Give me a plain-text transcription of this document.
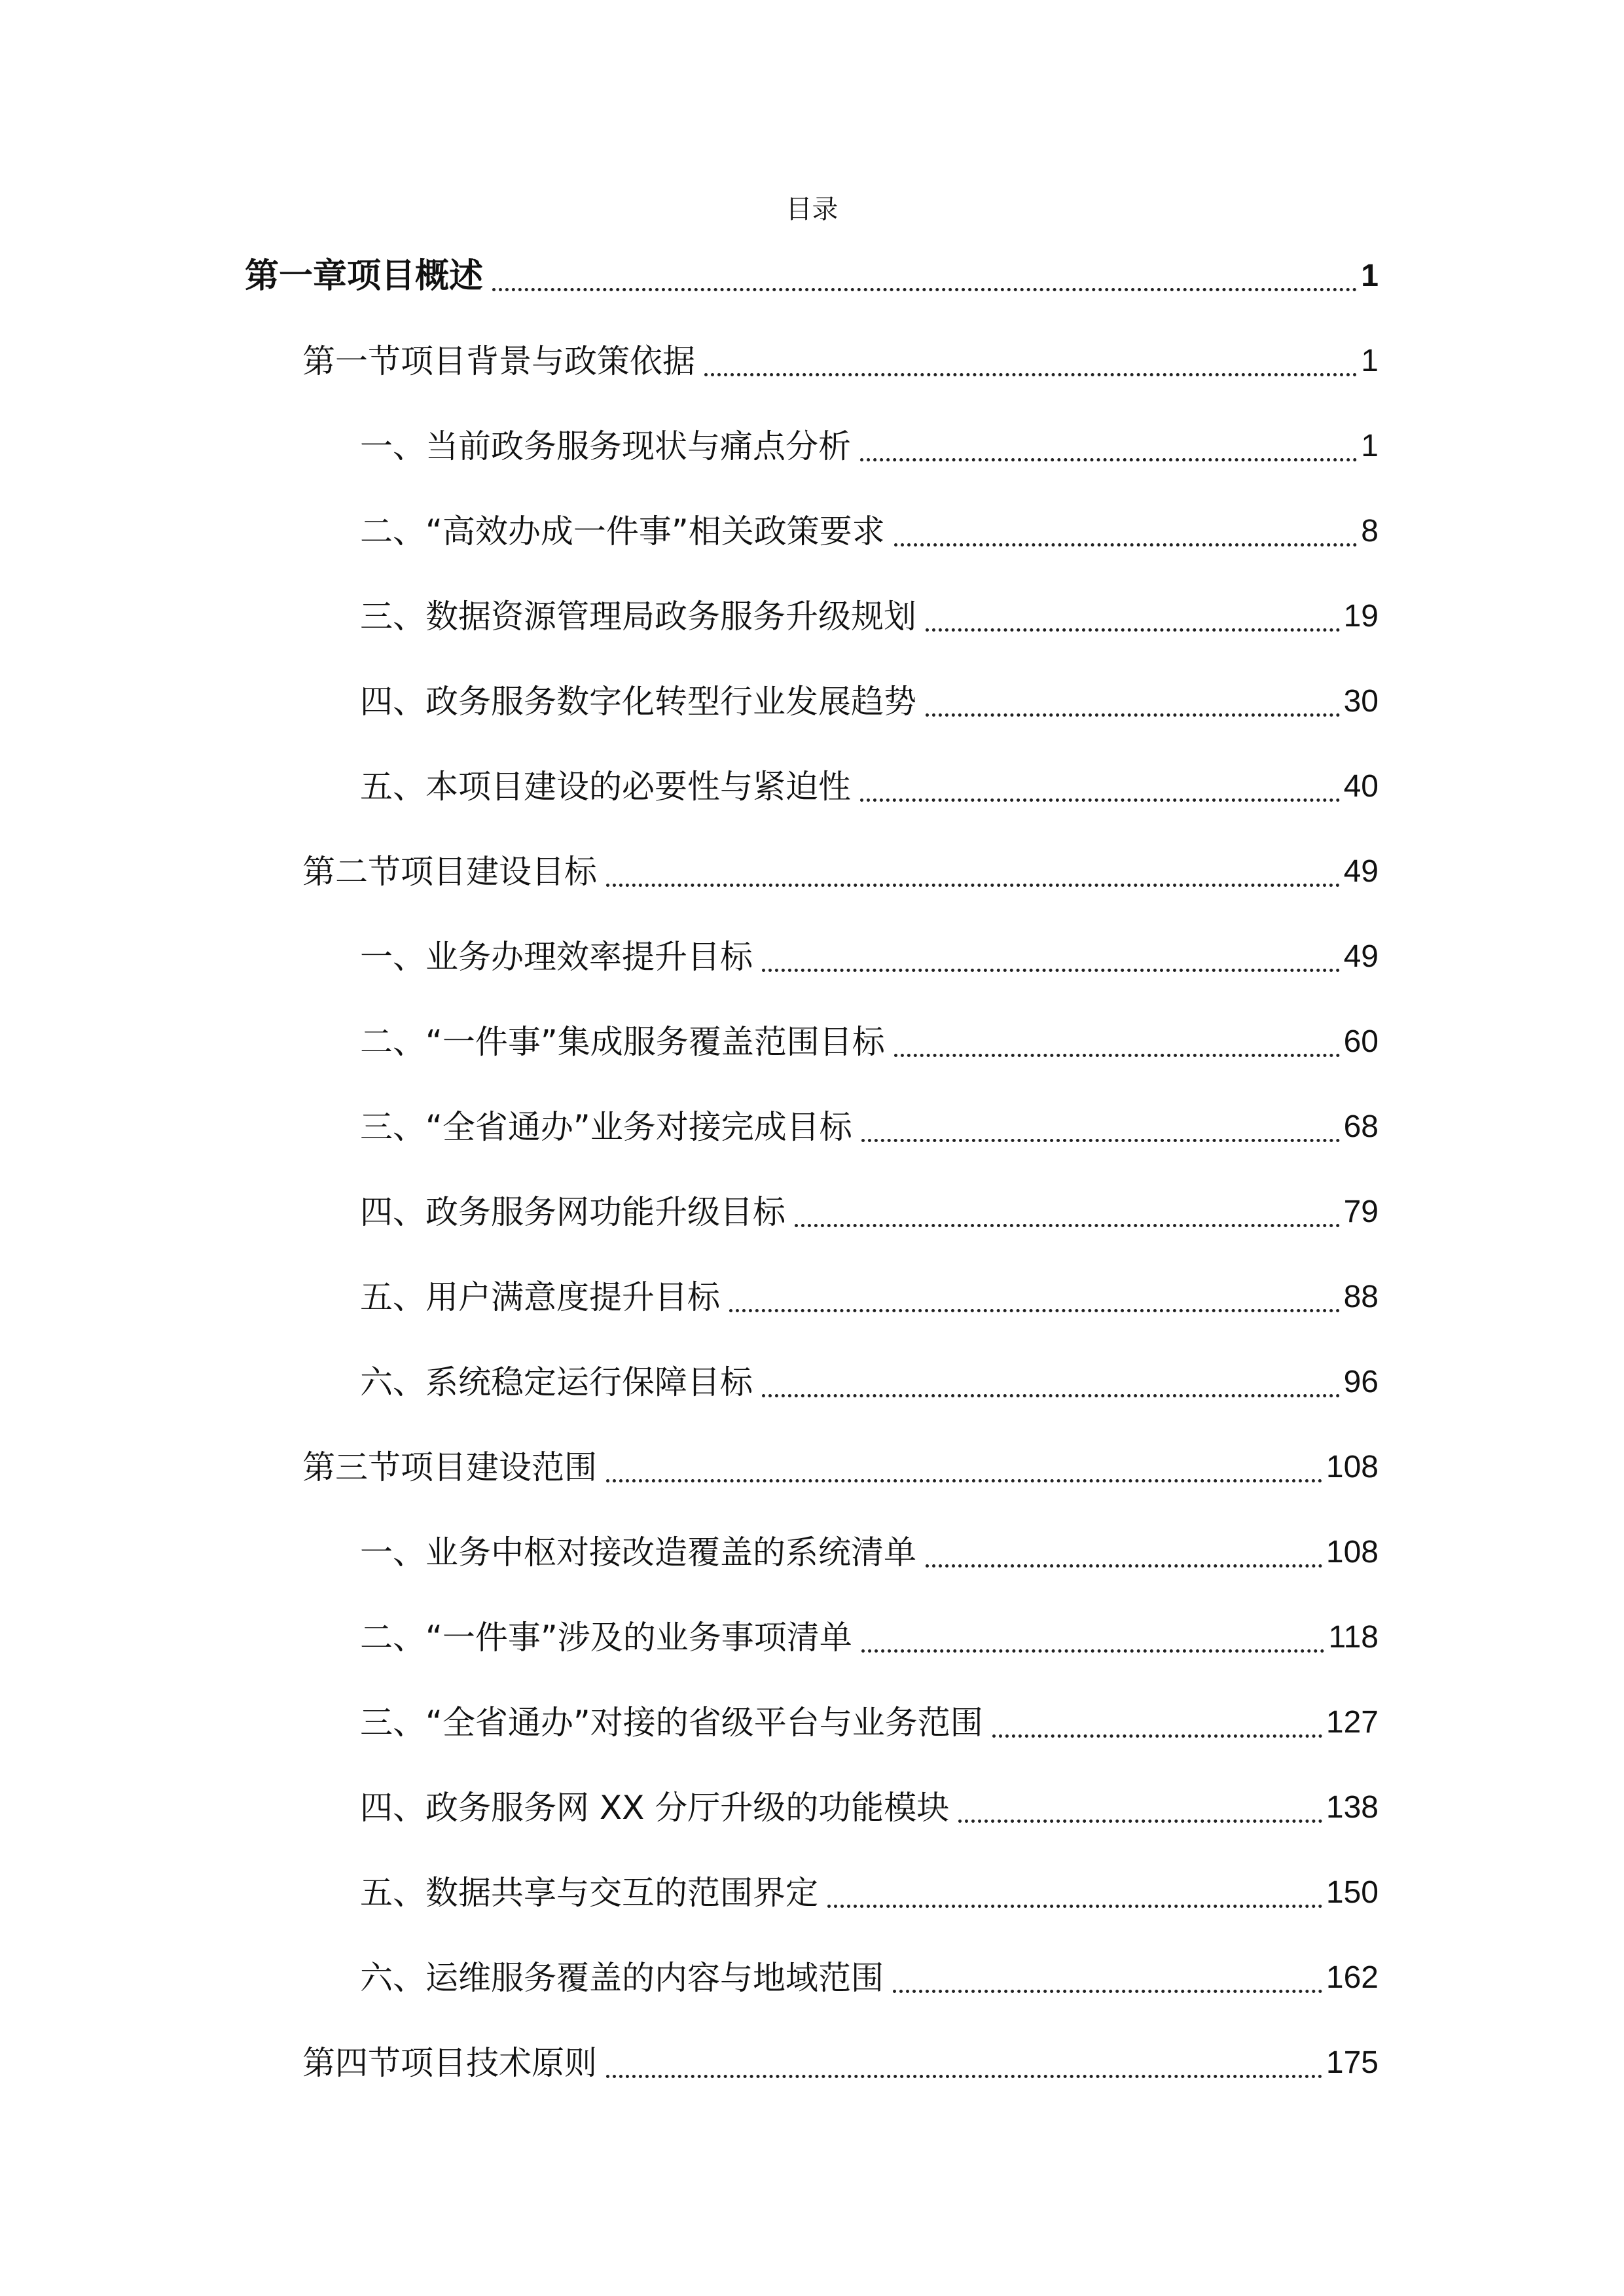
目录
第一章项目概述	1
第一节项目背景与政策依据	1
一、当前政务服务现状与痛点分析	1
二、“高效办成一件事”相关政策要求	8
三、数据资源管理局政务服务升级规划	19
四、政务服务数字化转型行业发展趋势	30
五、本项目建设的必要性与紧迫性	40
第二节项目建设目标	49
一、业务办理效率提升目标	49
二、“一件事”集成服务覆盖范围目标	60
三、“全省通办”业务对接完成目标	68
四、政务服务网功能升级目标	79
五、用户满意度提升目标	88
六、系统稳定运行保障目标	96
第三节项目建设范围	108
一、业务中枢对接改造覆盖的系统清单	108
二、“一件事”涉及的业务事项清单	118
三、“全省通办”对接的省级平台与业务范围	127
四、政务服务网 XX 分厅升级的功能模块	138
五、数据共享与交互的范围界定	150
六、运维服务覆盖的内容与地域范围	162
第四节项目技术原则	175
